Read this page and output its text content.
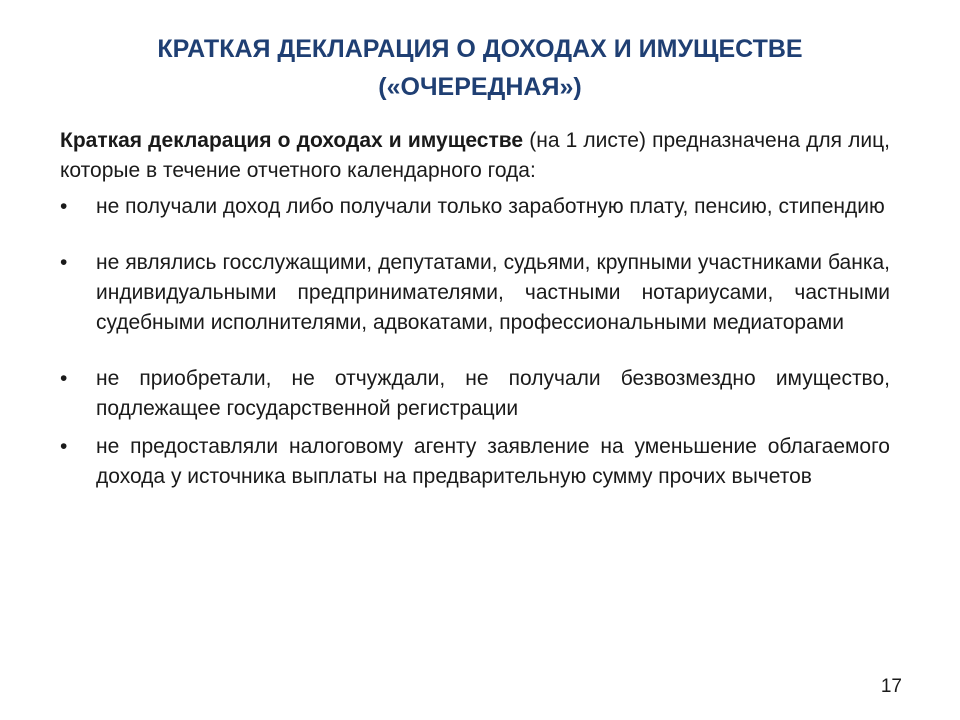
КРАТКАЯ ДЕКЛАРАЦИЯ О ДОХОДАХ И ИМУЩЕСТВЕ
(«ОЧЕРЕДНАЯ»)

Краткая декларация о доходах и имуществе (на 1 листе) предназначена для лиц, которые в течение отчетного календарного года:

•	не получали доход либо получали только заработную плату, пенсию, стипендию
•	не являлись госслужащими, депутатами, судьями, крупными участниками банка, индивидуальными предпринимателями, частными нотариусами, частными судебными исполнителями, адвокатами, профессиональными медиаторами
•	не приобретали, не отчуждали, не получали безвозмездно имущество, подлежащее государственной регистрации
•	не предоставляли налоговому агенту заявление на уменьшение облагаемого дохода у источника выплаты на предварительную сумму прочих вычетов
17
